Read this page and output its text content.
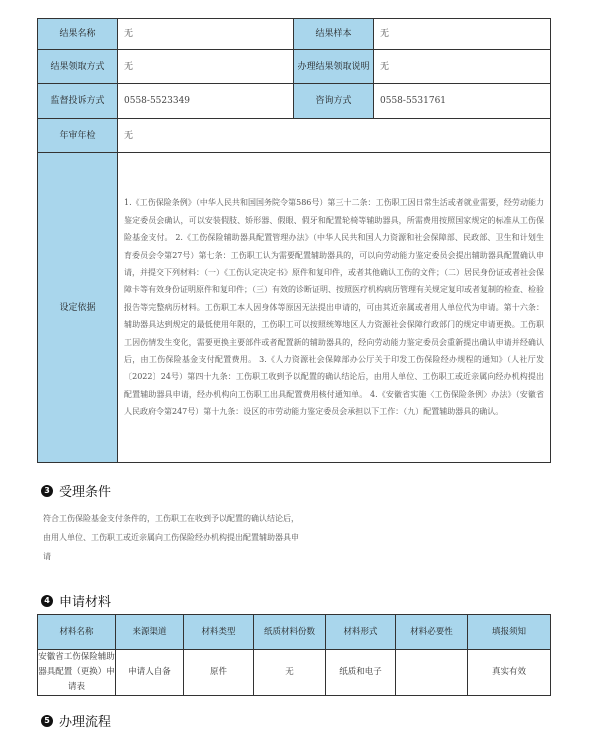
结果名称	无	结果样本	无
结果领取方式	无	办理结果领取说明	无
监督投诉方式	0558-5523349	咨询方式	0558-5531761
年审年检	无		
设定依据	1.《工伤保险条例》（中华人民共和国国务院令第586号）第三十二条：工伤职工因日常生活或者就业需要，经劳动能力鉴定委员会确认，可以安装假肢、矫形器、假眼、假牙和配置轮椅等辅助器具，所需费用按照国家规定的标准从工伤保险基金支付。 2.《工伤保险辅助器具配置管理办法》（中华人民共和国人力资源和社会保障部、民政部、卫生和计划生育委员会令第27号）第七条：工伤职工认为需要配置辅助器具的，可以向劳动能力鉴定委员会提出辅助器具配置确认申请，并提交下列材料：（一）《工伤认定决定书》原件和复印件，或者其他确认工伤的文件；（二）居民身份证或者社会保障卡等有效身份证明原件和复印件；（三）有效的诊断证明、按照医疗机构病历管理有关规定复印或者复制的检查、检验报告等完整病历材料。工伤职工本人因身体等原因无法提出申请的，可由其近亲属或者用人单位代为申请。第十六条：辅助器具达到规定的最低使用年限的，工伤职工可以按照统筹地区人力资源社会保障行政部门的规定申请更换。工伤职工因伤情发生变化，需要更换主要部件或者配置新的辅助器具的，经向劳动能力鉴定委员会重新提出确认申请并经确认后，由工伤保险基金支付配置费用。 3.《人力资源社会保障部办公厅关于印发工伤保险经办规程的通知》（人社厅发〔2022〕24号）第四十九条：工伤职工收到予以配置的确认结论后，由用人单位、工伤职工或近亲属向经办机构提出配置辅助器具申请，经办机构向工伤职工出具配置费用核付通知单。 4.《安徽省实施〈工伤保险条例〉办法》（安徽省人民政府令第247号）第十九条：设区的市劳动能力鉴定委员会承担以下工作：（九）配置辅助器具的确认。		
3 受理条件
符合工伤保险基金支付条件的，工伤职工在收到予以配置的确认结论后，
由用人单位、工伤职工或近亲属向工伤保险经办机构提出配置辅助器具申
请
4 申请材料
材料名称	来源渠道	材料类型	纸质材料份数	材料形式	材料必要性	填报须知
安徽省工伤保险辅助器具配置（更换）申请表	申请人自备	原件	无	纸质和电子		真实有效
5 办理流程
